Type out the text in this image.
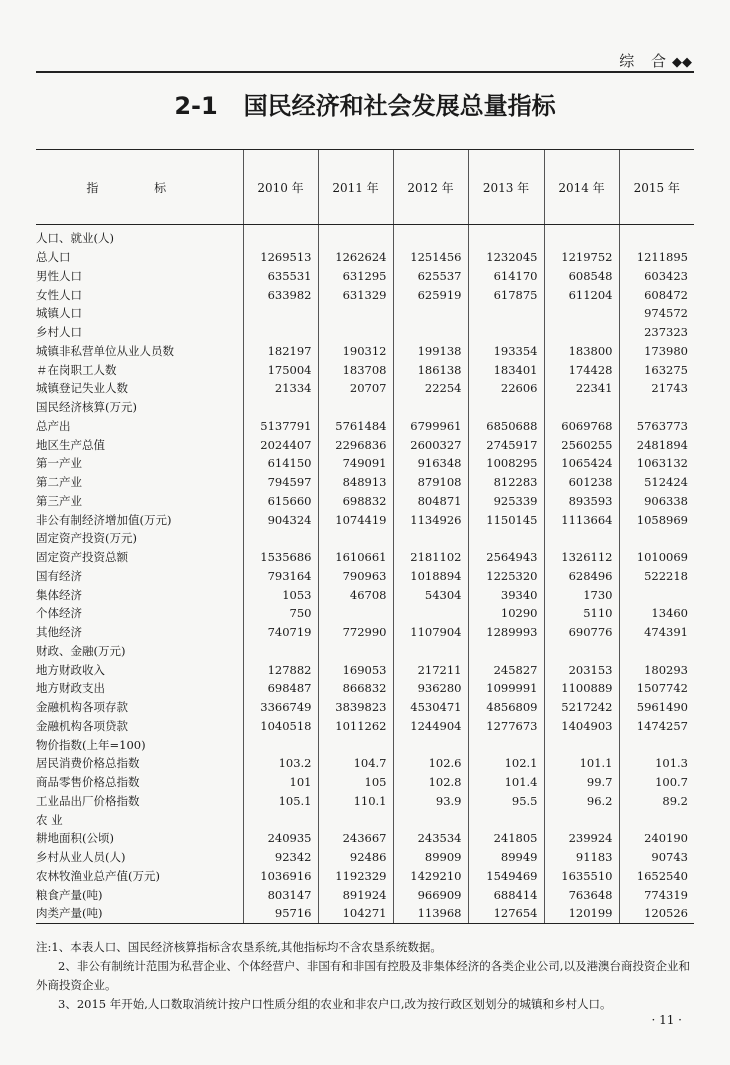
综 合◆◆
2-1 国民经济和社会发展总量指标
指 标	2010 年	2011 年	2012 年	2013 年	2014 年	2015 年
人口、就业(人)						
总人口	1269513	1262624	1251456	1232045	1219752	1211895
男性人口	635531	631295	625537	614170	608548	603423
女性人口	633982	631329	625919	617875	611204	608472
城镇人口						974572
乡村人口						237323
城镇非私营单位从业人员数	182197	190312	199138	193354	183800	173980
＃在岗职工人数	175004	183708	186138	183401	174428	163275
城镇登记失业人数	21334	20707	22254	22606	22341	21743
国民经济核算(万元)						
总产出	5137791	5761484	6799961	6850688	6069768	5763773
地区生产总值	2024407	2296836	2600327	2745917	2560255	2481894
第一产业	614150	749091	916348	1008295	1065424	1063132
第二产业	794597	848913	879108	812283	601238	512424
第三产业	615660	698832	804871	925339	893593	906338
非公有制经济增加值(万元)	904324	1074419	1134926	1150145	1113664	1058969
固定资产投资(万元)						
固定资产投资总额	1535686	1610661	2181102	2564943	1326112	1010069
国有经济	793164	790963	1018894	1225320	628496	522218
集体经济	1053	46708	54304	39340	1730	
个体经济	750			10290	5110	13460
其他经济	740719	772990	1107904	1289993	690776	474391
财政、金融(万元)						
地方财政收入	127882	169053	217211	245827	203153	180293
地方财政支出	698487	866832	936280	1099991	1100889	1507742
金融机构各项存款	3366749	3839823	4530471	4856809	5217242	5961490
金融机构各项贷款	1040518	1011262	1244904	1277673	1404903	1474257
物价指数(上年=100)						
居民消费价格总指数	103.2	104.7	102.6	102.1	101.1	101.3
商品零售价格总指数	101	105	102.8	101.4	99.7	100.7
工业品出厂价格指数	105.1	110.1	93.9	95.5	96.2	89.2
农 业						
耕地面积(公顷)	240935	243667	243534	241805	239924	240190
乡村从业人员(人)	92342	92486	89909	89949	91183	90743
农林牧渔业总产值(万元)	1036916	1192329	1429210	1549469	1635510	1652540
粮食产量(吨)	803147	891924	966909	688414	763648	774319
肉类产量(吨)	95716	104271	113968	127654	120199	120526

注:1、本表人口、国民经济核算指标含农垦系统,其他指标均不含农垦系统数据。

2、非公有制统计范围为私营企业、个体经营户、非国有和非国有控股及非集体经济的各类企业公司,以及港澳台商投资企业和外商投资企业。

3、2015 年开始,人口数取消统计按户口性质分组的农业和非农户口,改为按行政区划划分的城镇和乡村人口。

· 11 ·
